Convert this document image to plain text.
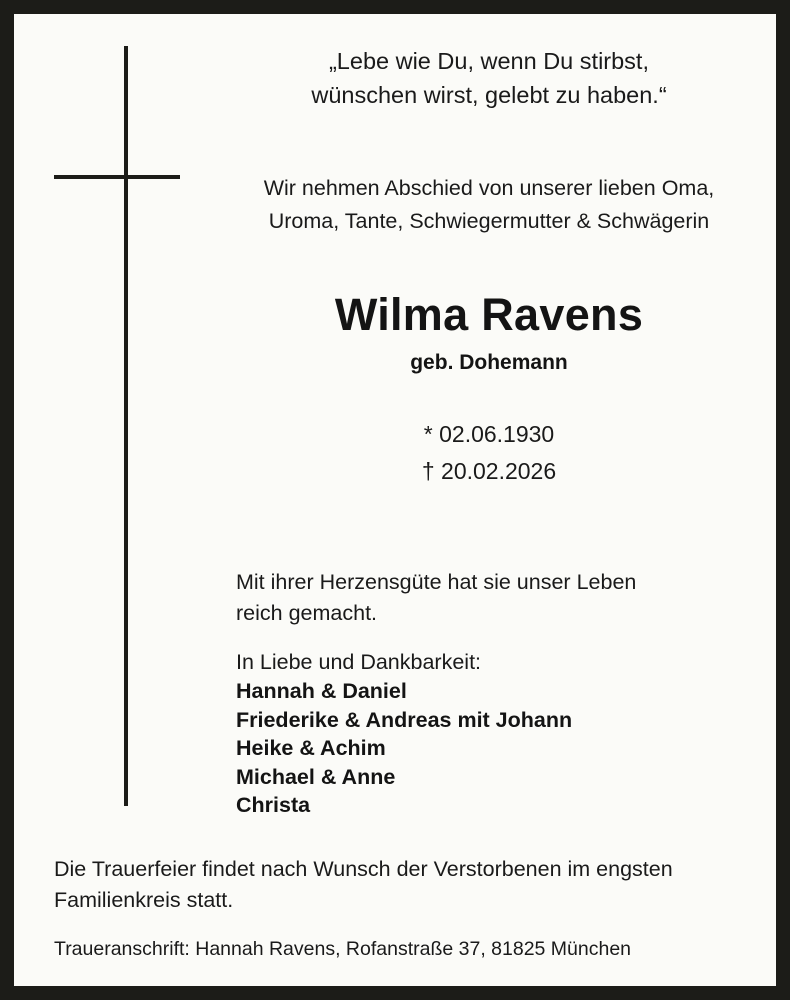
„Lebe wie Du, wenn Du stirbst,
wünschen wirst, gelebt zu haben.“
Wir nehmen Abschied von unserer lieben Oma,
Uroma, Tante, Schwiegermutter & Schwägerin
Wilma Ravens
geb. Dohemann
* 02.06.1930
† 20.02.2026
Mit ihrer Herzensgüte hat sie unser Leben
reich gemacht.
In Liebe und Dankbarkeit:
Hannah & Daniel
Friederike & Andreas mit Johann
Heike & Achim
Michael & Anne
Christa
Die Trauerfeier findet nach Wunsch der Verstorbenen im engsten
Familienkreis statt.
Traueranschrift: Hannah Ravens, Rofanstraße 37, 81825 München
